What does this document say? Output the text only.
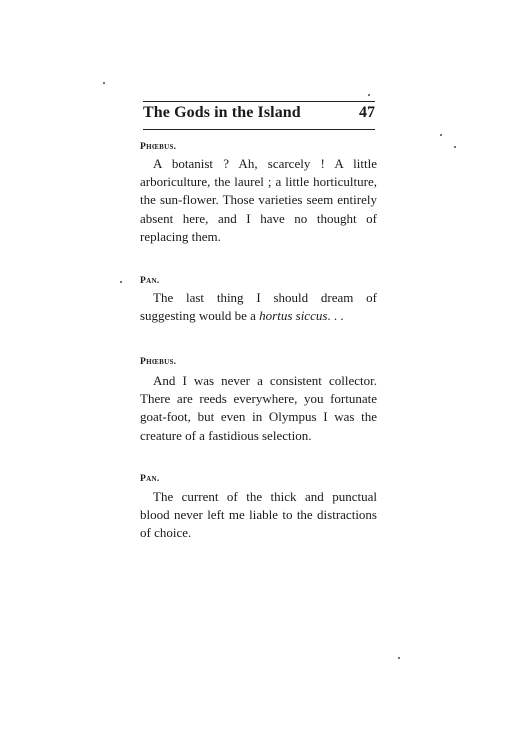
The Gods in the Island	47
Phœbus.
A botanist ? Ah, scarcely ! A little arboriculture, the laurel ; a little horticulture, the sun-flower. Those varieties seem entirely absent here, and I have no thought of replacing them.
Pan.
The last thing I should dream of suggesting would be a hortus siccus. . .
Phœbus.
And I was never a consistent collector. There are reeds everywhere, you fortunate goat-foot, but even in Olympus I was the creature of a fastidious selection.
Pan.
The current of the thick and punctual blood never left me liable to the distractions of choice.
